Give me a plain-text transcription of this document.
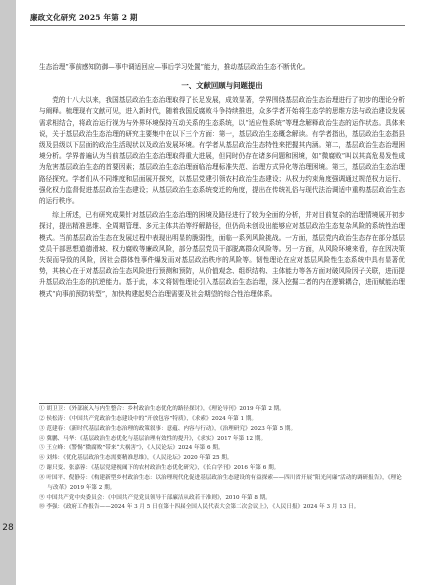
28
廉政文化研究 2025 年第 2 期

生态治理”事前感知防御—事中调适回应—事后学习处置”能力，推动基层政治生态不断优化。

一、文献回顾与问题提出

党的十八大以来，我国基层政治生态治理取得了长足发展，成效显著，学界围绕基层政治生态治理进行了初步的理论分析与阐释。梳理现有文献可见，进入新时代，随着我国反腐败斗争持续推进，众多学者开始将生态学的思维方法与政治建设发展需求相结合，将政治运行视为与外界环境保持互动关系的生态系统，以“适应性系统”等理念解释政治生态的运作状态。具体来说，关于基层政治生态治理的研究主要集中在以下三个方面：第一，基层政治生态概念解读。有学者指出，基层政治生态指县级及县级以下层面的政治生活现状以及政治发展环境。有学者从基层政治生态特性来把握其内涵。第二，基层政治生态治理困境分析。学界普遍认为当前基层政治生态治理取得重大进展，但同时仍存在诸多问题和困境，如“微腐败”叫以其高危易发性成为危害基层政治生态的首要因素；基层政治生态治理面临治理标准失范、治理方式异化等治理困境。第三，基层政治生态治理路径探究。学者们从不同维度和层面展开探究，以基层党建引领农村政治生态建设；从权力约束角度强调通过规范权力运行、强化权力监督促进基层政治生态建设；从基层政治生态系统变迁的角度，提出在传统礼俗与现代法治调适中重构基层政治生态的运行秩序。

综上所述，已有研究成果针对基层政治生态治理的困境及路径进行了较为全面的分析，并对目前复杂的治理情境展开初步探讨，提出精准思维、全周期管理、多元主体共治等纾解路径，但仍尚未创设出能够应对基层政治生态复杂风险的系统性治理模式。当前基层政治生态在发展过程中表现出明显的脆弱性，面临一系列风险挑战。一方面，基层党内政治生态存在部分基层党员干部思想道德滑坡、权力腐败等廉政风险，部分基层党员干部脱离群众风险等。另一方面，从风险环境来看，存在因决策失误而导致的风险，因社会群体性事件爆发而对基层政治秩序的风险等。韧性理论在应对基层风险性生态系统中具有显著优势，其核心在于对基层政治生态风险进行预测和预防，从价值观念、组织结构、主体能力等各方面对破风险因子关联，进而提升基层政治生态的抗逆能力。基于此，本文将韧性理论引入基层政治生态治理，深入挖掘二者的内在逻辑耦合，进而赋能治理模式“向事前预防转型”，加快构建起契合治理需要及社会期望的综合性治理体系。

① 胡卫卫：《外部嵌入与内生整合：乡村政治生态优化的路径探讨》，《理论导刊》2019 年第 2 期。
② 侯松涛：《中国共产党政治生态建设中的“开放包容”特质》，《求索》2024 年第 1 期。
③ 范建春：《新时代基层政治生态治理的政策叙事：意蕴、内容与行动》，《治理研究》2023 年第 5 期。
④ 冀鹏、马华：《基层政治生态优化与基层治理有效性的提升》，《求实》2017 年第 12 期。
⑤ 王立峰：《警惕“微腐败”带来“大祸害”》，《人民论坛》2024 年第 6 期。
⑥ 刘炜：《优化基层政治生态需要精准思维》，《人民论坛》2020 年第 25 期。
⑦ 谢只变、张嘉蓉：《基层党建视阈下的农村政治生态优化研究》，《长白学刊》2016 年第 6 期。
⑧ 叶国平、倪静芬：《构建新型乡村政治生态：以治理现代化促进基层政治生态建设的有益探索——四川省开展“阳光问廉”活动的调研报告》，《理论与改革》2019 年第 2 期。
⑨ 中国共产党中央委员会：《中国共产党党员领导干部廉洁从政若干准则》，2010 年第 8 期。
⑩ 李强：《政府工作报告——2024 年 3 月 5 日在第十四届全国人民代表大会第二次会议上》，《人民日报》2024 年 3 月 13 日。
